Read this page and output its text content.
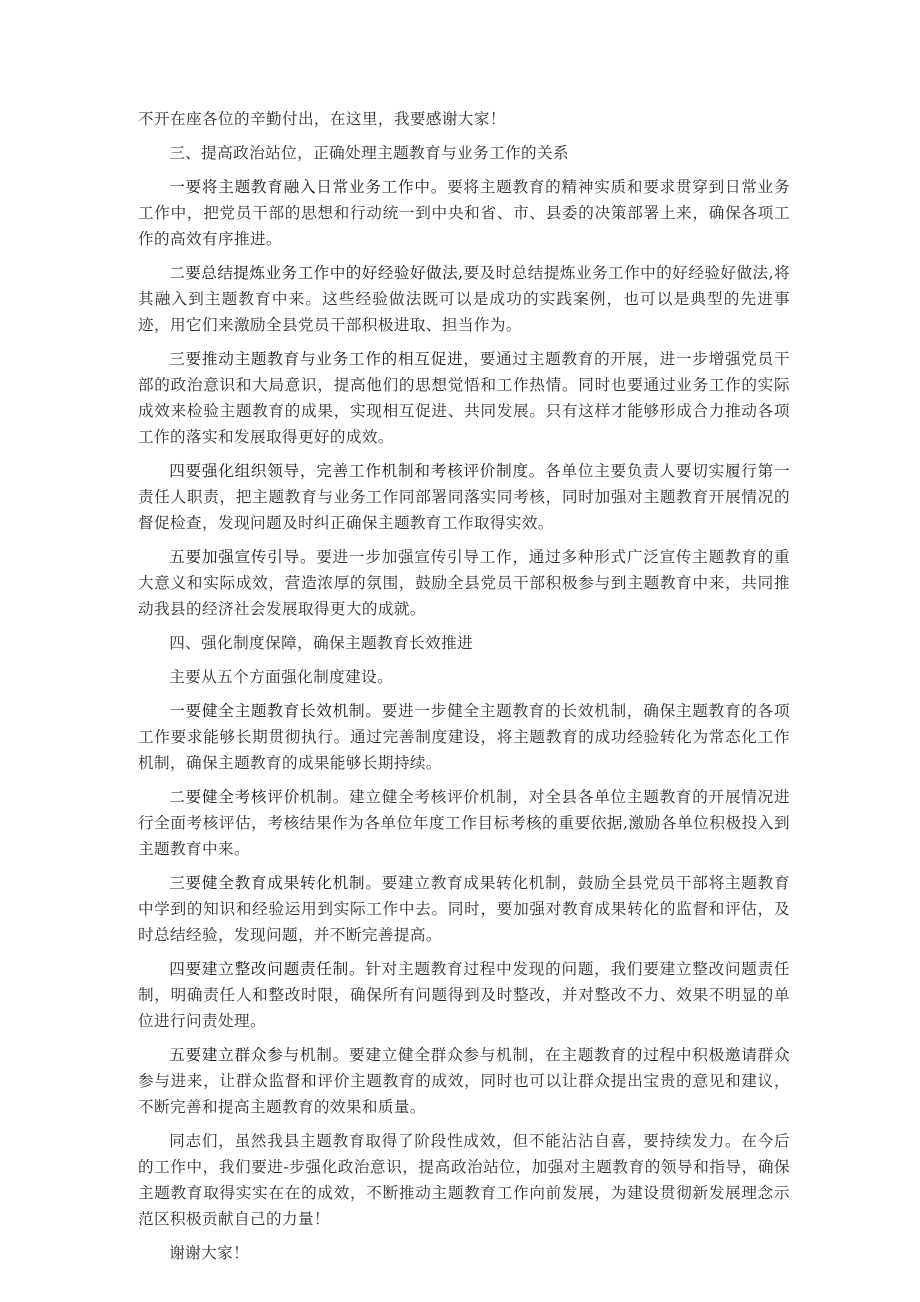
不开在座各位的辛勤付出，在这里，我要感谢大家！

三、提高政治站位，正确处理主题教育与业务工作的关系

一要将主题教育融入日常业务工作中。要将主题教育的精神实质和要求贯穿到日常业务工作中，把党员干部的思想和行动统一到中央和省、市、县委的决策部署上来，确保各项工作的高效有序推进。

二要总结提炼业务工作中的好经验好做法,要及时总结提炼业务工作中的好经验好做法,将其融入到主题教育中来。这些经验做法既可以是成功的实践案例，也可以是典型的先进事迹，用它们来激励全县党员干部积极进取、担当作为。

三要推动主题教育与业务工作的相互促进，要通过主题教育的开展，进一步增强党员干部的政治意识和大局意识，提高他们的思想觉悟和工作热情。同时也要通过业务工作的实际成效来检验主题教育的成果，实现相互促进、共同发展。只有这样才能够形成合力推动各项工作的落实和发展取得更好的成效。

四要强化组织领导，完善工作机制和考核评价制度。各单位主要负责人要切实履行第一责任人职责，把主题教育与业务工作同部署同落实同考核，同时加强对主题教育开展情况的督促检查，发现问题及时纠正确保主题教育工作取得实效。

五要加强宣传引导。要进一步加强宣传引导工作，通过多种形式广泛宣传主题教育的重大意义和实际成效，营造浓厚的氛围，鼓励全县党员干部积极参与到主题教育中来，共同推动我县的经济社会发展取得更大的成就。

四、强化制度保障，确保主题教育长效推进

主要从五个方面强化制度建设。

一要健全主题教育长效机制。要进一步健全主题教育的长效机制，确保主题教育的各项工作要求能够长期贯彻执行。通过完善制度建设，将主题教育的成功经验转化为常态化工作机制，确保主题教育的成果能够长期持续。

二要健全考核评价机制。建立健全考核评价机制，对全县各单位主题教育的开展情况进行全面考核评估，考核结果作为各单位年度工作目标考核的重要依据,激励各单位积极投入到主题教育中来。

三要健全教育成果转化机制。要建立教育成果转化机制，鼓励全县党员干部将主题教育中学到的知识和经验运用到实际工作中去。同时，要加强对教育成果转化的监督和评估，及时总结经验，发现问题，并不断完善提高。

四要建立整改问题责任制。针对主题教育过程中发现的问题，我们要建立整改问题责任制，明确责任人和整改时限，确保所有问题得到及时整改，并对整改不力、效果不明显的单位进行问责处理。

五要建立群众参与机制。要建立健全群众参与机制，在主题教育的过程中积极邀请群众参与进来，让群众监督和评价主题教育的成效，同时也可以让群众提出宝贵的意见和建议，不断完善和提高主题教育的效果和质量。

同志们，虽然我县主题教育取得了阶段性成效，但不能沾沾自喜，要持续发力。在今后的工作中，我们要进-步强化政治意识，提高政治站位，加强对主题教育的领导和指导，确保主题教育取得实实在在的成效，不断推动主题教育工作向前发展，为建设贯彻新发展理念示范区积极贡献自己的力量！

谢谢大家！
